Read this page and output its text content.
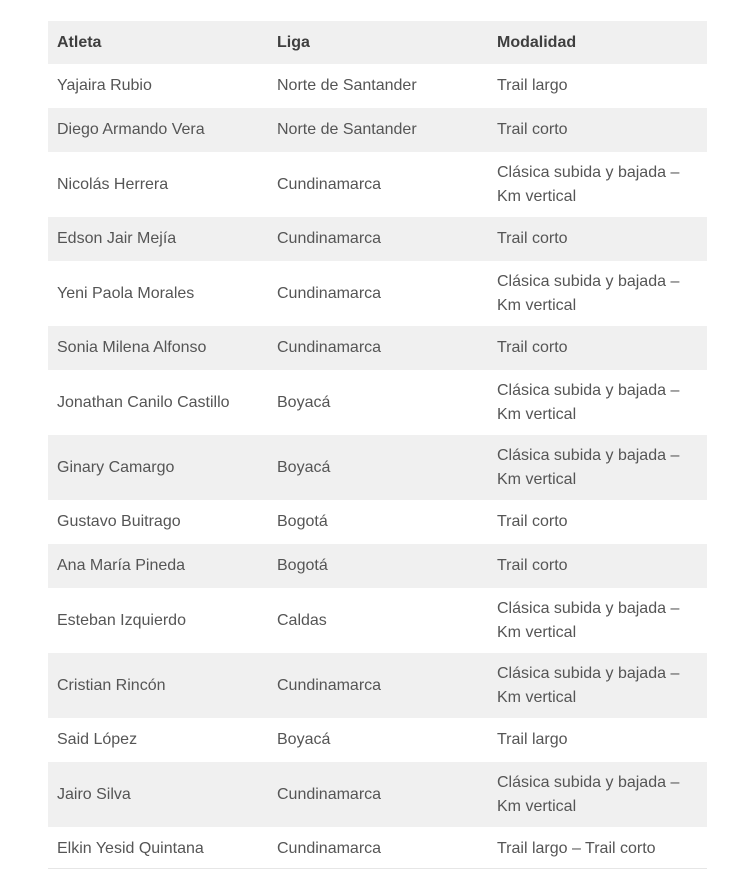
Atleta	Liga	Modalidad
Yajaira Rubio	Norte de Santander	Trail largo
Diego Armando Vera	Norte de Santander	Trail corto
Nicolás Herrera	Cundinamarca	Clásica subida y bajada – Km vertical
Edson Jair Mejía	Cundinamarca	Trail corto
Yeni Paola Morales	Cundinamarca	Clásica subida y bajada – Km vertical
Sonia Milena Alfonso	Cundinamarca	Trail corto
Jonathan Canilo Castillo	Boyacá	Clásica subida y bajada – Km vertical
Ginary Camargo	Boyacá	Clásica subida y bajada – Km vertical
Gustavo Buitrago	Bogotá	Trail corto
Ana María Pineda	Bogotá	Trail corto
Esteban Izquierdo	Caldas	Clásica subida y bajada – Km vertical
Cristian Rincón	Cundinamarca	Clásica subida y bajada – Km vertical
Said López	Boyacá	Trail largo
Jairo Silva	Cundinamarca	Clásica subida y bajada – Km vertical
Elkin Yesid Quintana	Cundinamarca	Trail largo – Trail corto
